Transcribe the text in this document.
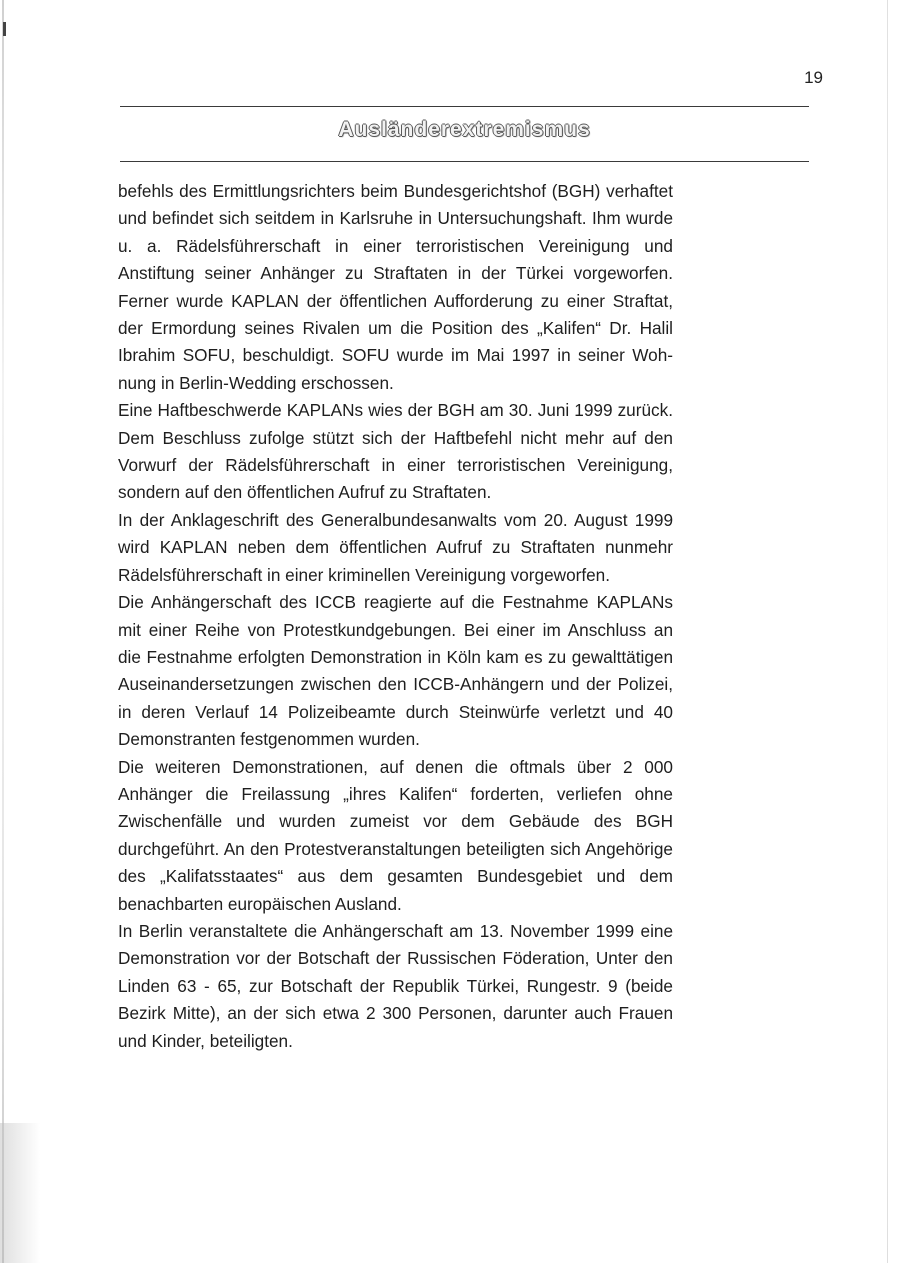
19
Ausländerextremismus

befehls des Ermittlungsrichters beim Bundesgerichtshof (BGH) verhaftet und befindet sich seitdem in Karlsruhe in Untersuchungshaft. Ihm wurde u. a. Rädelsführerschaft in einer terroristischen Vereinigung und Anstiftung seiner Anhänger zu Straftaten in der Türkei vorgeworfen. Ferner wurde KAPLAN der öffentlichen Aufforderung zu einer Straftat, der Ermordung seines Rivalen um die Position des „Kalifen“ Dr. Halil Ibrahim SOFU, beschuldigt. SOFU wurde im Mai 1997 in seiner Wohnung in Berlin-Wedding erschossen.

Eine Haftbeschwerde KAPLANs wies der BGH am 30. Juni 1999 zurück. Dem Beschluss zufolge stützt sich der Haftbefehl nicht mehr auf den Vorwurf der Rädelsführerschaft in einer terroristischen Vereinigung, sondern auf den öffentlichen Aufruf zu Straftaten.

In der Anklageschrift des Generalbundesanwalts vom 20. August 1999 wird KAPLAN neben dem öffentlichen Aufruf zu Straftaten nunmehr Rädelsführerschaft in einer kriminellen Vereinigung vorgeworfen.

Die Anhängerschaft des ICCB reagierte auf die Festnahme KAPLANs mit einer Reihe von Protestkundgebungen. Bei einer im Anschluss an die Festnahme erfolgten Demonstration in Köln kam es zu gewalttätigen Auseinandersetzungen zwischen den ICCB-Anhängern und der Polizei, in deren Verlauf 14 Polizeibeamte durch Steinwürfe verletzt und 40 Demonstranten festgenommen wurden.

Die weiteren Demonstrationen, auf denen die oftmals über 2 000 Anhänger die Freilassung „ihres Kalifen“ forderten, verliefen ohne Zwischenfälle und wurden zumeist vor dem Gebäude des BGH durchgeführt. An den Protestveranstaltungen beteiligten sich Angehörige des „Kalifatsstaates“ aus dem gesamten Bundesgebiet und dem benachbarten europäischen Ausland.

In Berlin veranstaltete die Anhängerschaft am 13. November 1999 eine Demonstration vor der Botschaft der Russischen Föderation, Unter den Linden 63 - 65, zur Botschaft der Republik Türkei, Rungestr. 9 (beide Bezirk Mitte), an der sich etwa 2 300 Personen, darunter auch Frauen und Kinder, beteiligten.
